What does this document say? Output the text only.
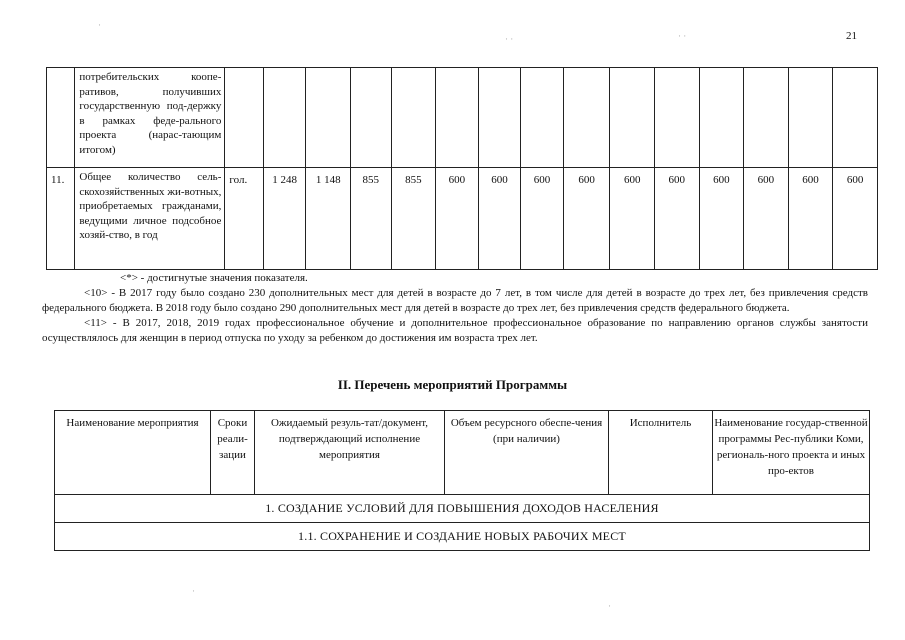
21
·
· ·	· ·
	потребительских коопе-ративов, получивших государственную под-держку в рамках феде-рального проекта (нарас-тающим итогом)															
11.	Общее количество сель-скохозяйственных жи-вотных, приобретаемых гражданами, ведущими личное подсобное хозяй-ство, в год	гол.	1 248	1 148	855	855	600	600	600	600	600	600	600	600	600	600

<*> - достигнутые значения показателя.

<10> - В 2017 году было создано 230 дополнительных мест для детей в возрасте до 7 лет, в том числе для детей в возрасте до трех лет, без привлечения средств федерального бюджета. В 2018 году было создано 290 дополнительных мест для детей в возрасте до трех лет, без привлечения средств федерального бюджета.

<11> - В 2017, 2018, 2019 годах профессиональное обучение и дополнительное профессиональное образование по направлению органов службы занятости осуществлялось для женщин в период отпуска по уходу за ребенком до достижения им возраста трех лет.

II. Перечень мероприятий Программы
Наименование мероприятия	Сроки реали-зации	Ожидаемый резуль-тат/документ, подтверждающий исполнение мероприятия	Объем ресурсного обеспе-чения (при наличии)	Исполнитель	Наименование государ-ственной программы Рес-публики Коми, региональ-ного проекта и иных про-ектов
1. СОЗДАНИЕ УСЛОВИЙ ДЛЯ ПОВЫШЕНИЯ ДОХОДОВ НАСЕЛЕНИЯ
1.1. СОХРАНЕНИЕ И СОЗДАНИЕ НОВЫХ РАБОЧИХ МЕСТ
·
·
